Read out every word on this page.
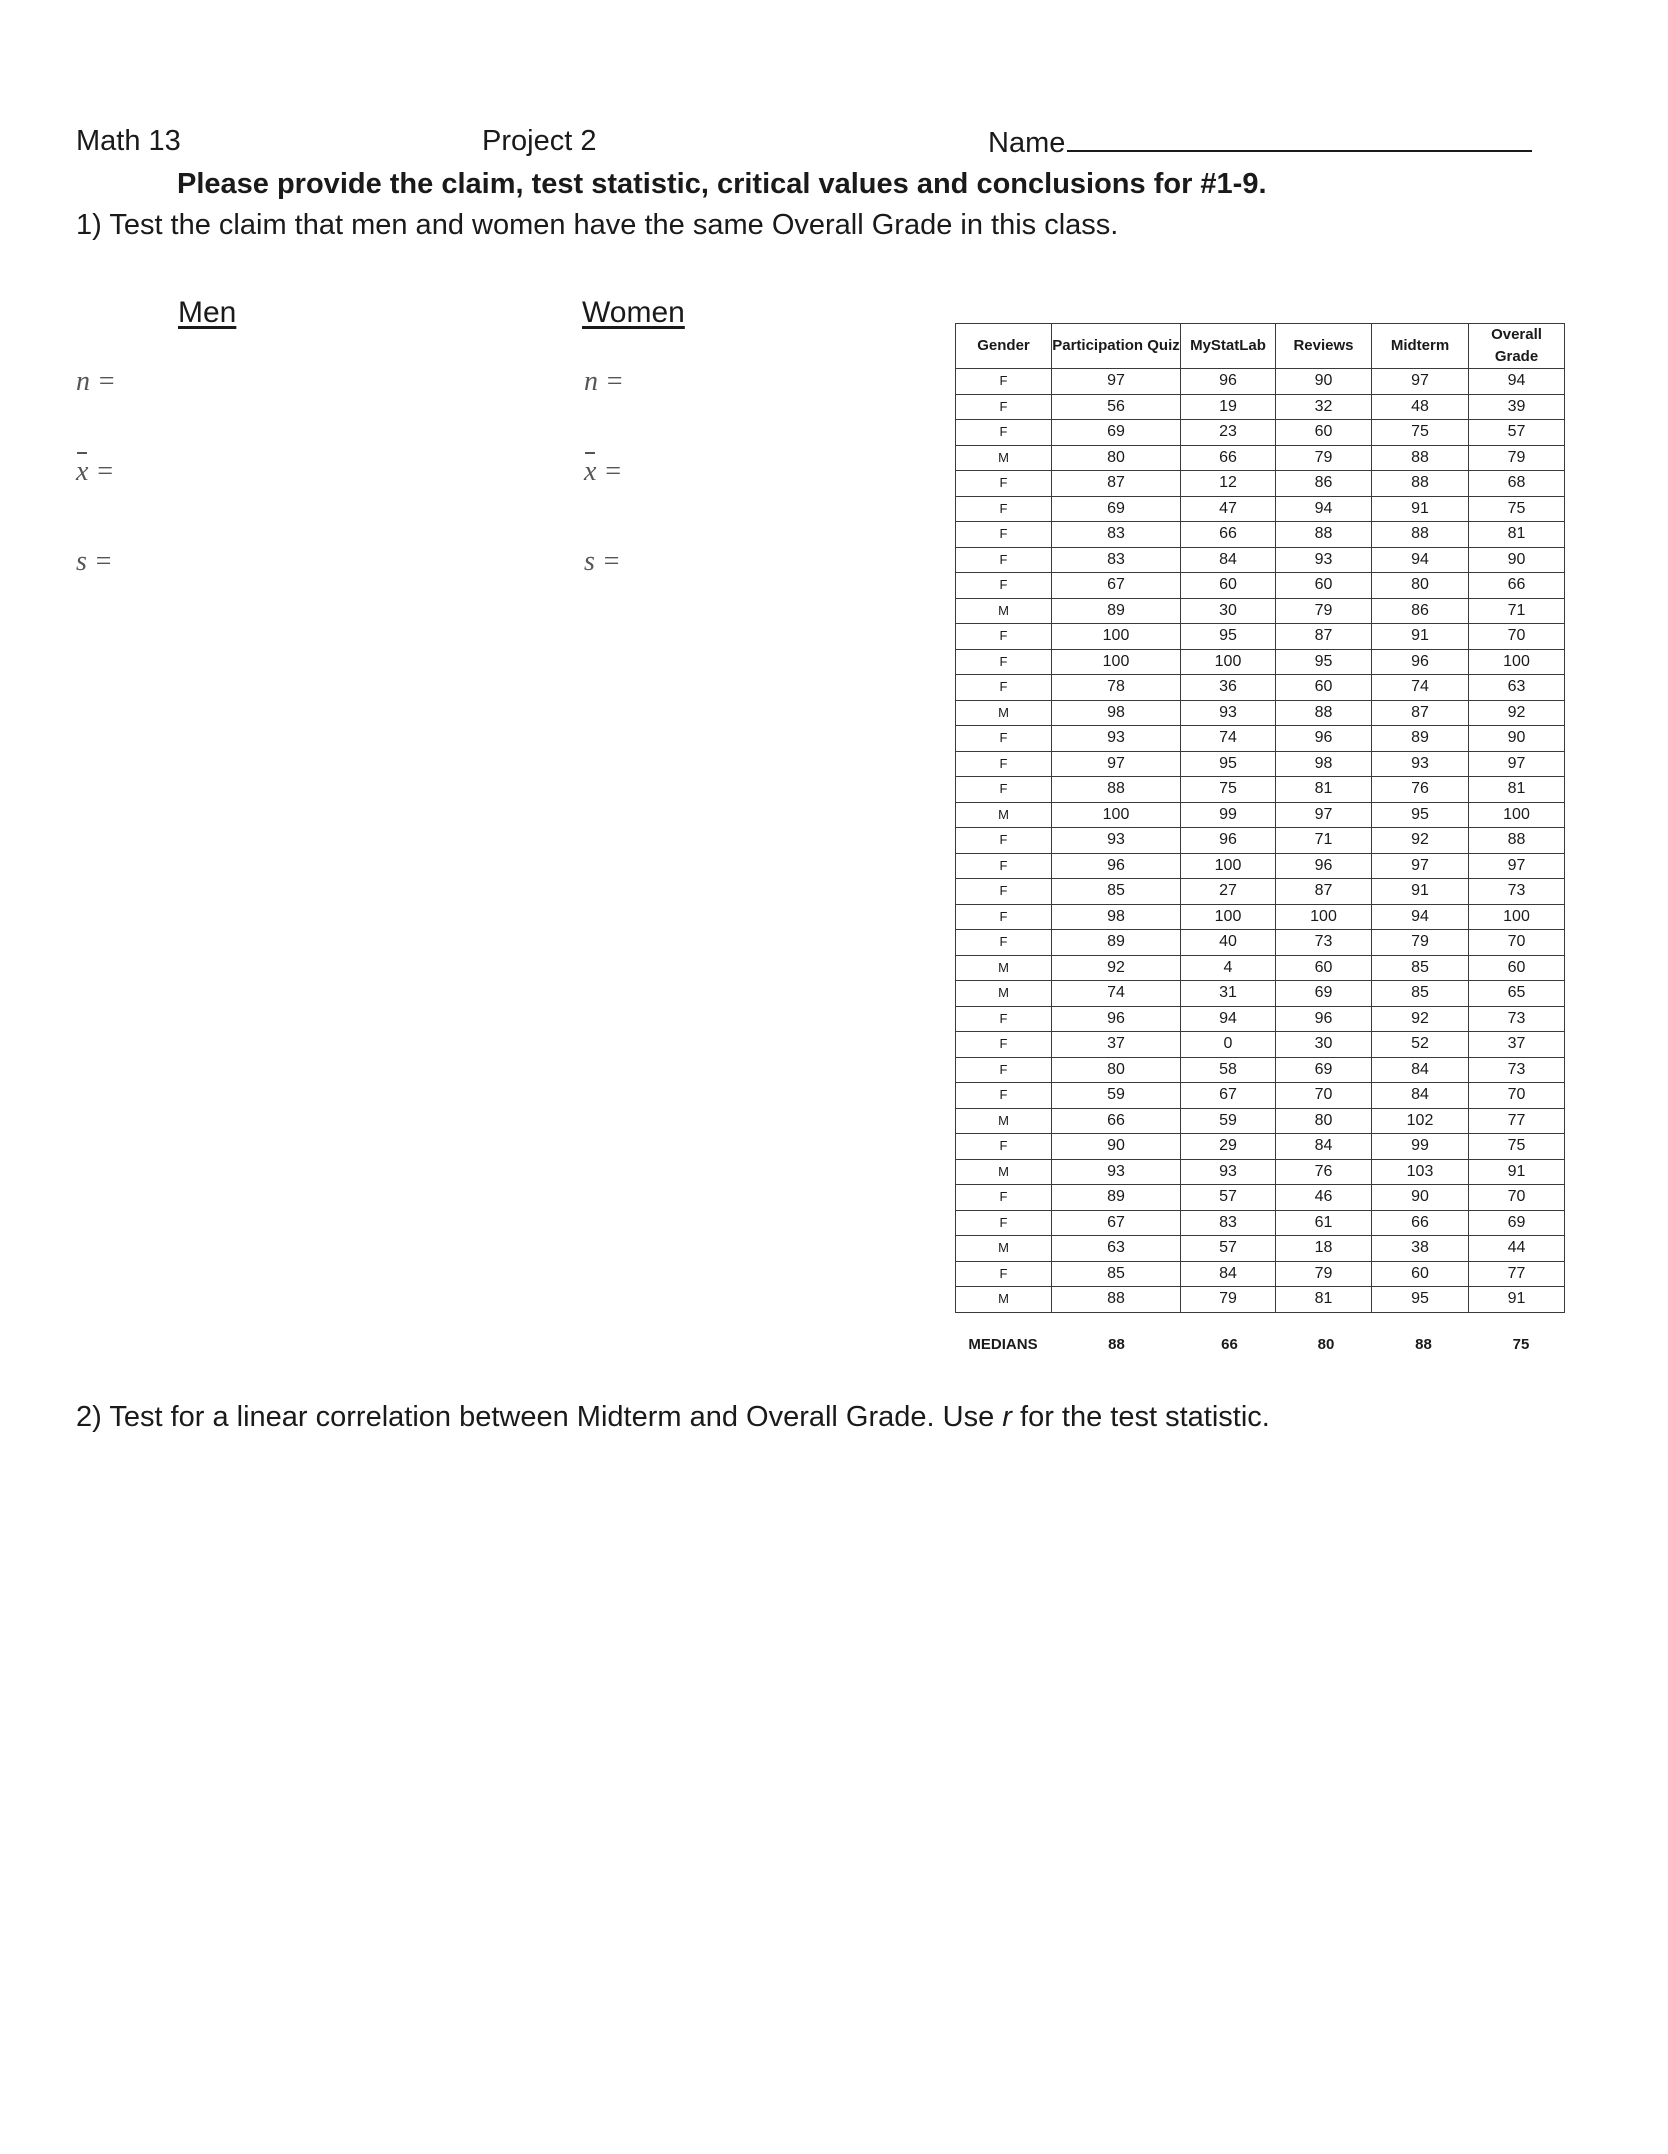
Math 13	Project 2	Name
Please provide the claim, test statistic, critical values and conclusions for #1-9.
1) Test the claim that men and women have the same Overall Grade in this class.
Men	Women
n =
x =
s =
n =
x =
s =
Gender	Participation Quiz	MyStatLab	Reviews	Midterm	Overall Grade
F	97	96	90	97	94
F	56	19	32	48	39
F	69	23	60	75	57
M	80	66	79	88	79
F	87	12	86	88	68
F	69	47	94	91	75
F	83	66	88	88	81
F	83	84	93	94	90
F	67	60	60	80	66
M	89	30	79	86	71
F	100	95	87	91	70
F	100	100	95	96	100
F	78	36	60	74	63
M	98	93	88	87	92
F	93	74	96	89	90
F	97	95	98	93	97
F	88	75	81	76	81
M	100	99	97	95	100
F	93	96	71	92	88
F	96	100	96	97	97
F	85	27	87	91	73
F	98	100	100	94	100
F	89	40	73	79	70
M	92	4	60	85	60
M	74	31	69	85	65
F	96	94	96	92	73
F	37	0	30	52	37
F	80	58	69	84	73
F	59	67	70	84	70
M	66	59	80	102	77
F	90	29	84	99	75
M	93	93	76	103	91
F	89	57	46	90	70
F	67	83	61	66	69
M	63	57	18	38	44
F	85	84	79	60	77
M	88	79	81	95	91
MEDIANS	88	66	80	88	75
2) Test for a linear correlation between Midterm and Overall Grade. Use r for the test statistic.
